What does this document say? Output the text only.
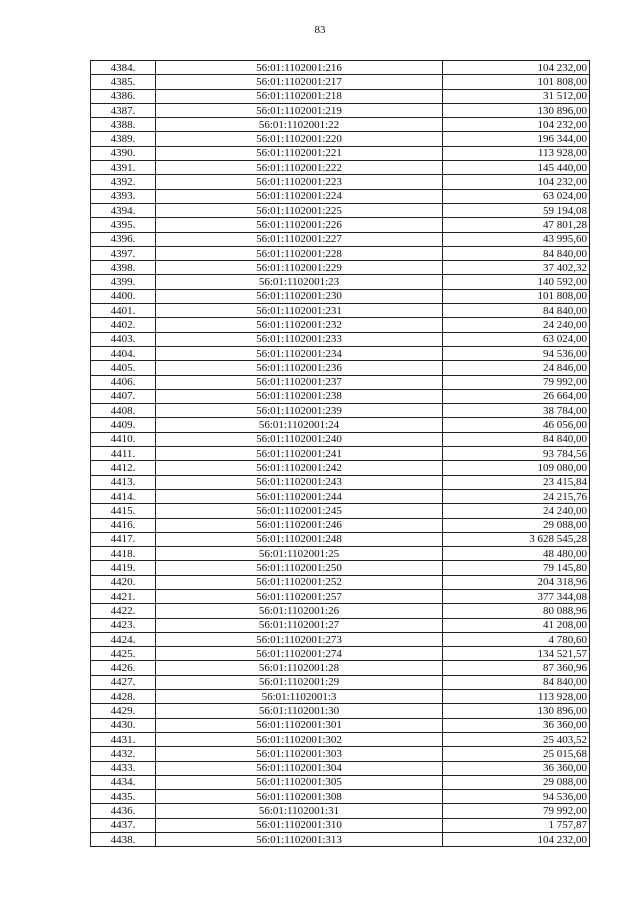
83
4384.	56:01:1102001:216	104 232,00
4385.	56:01:1102001:217	101 808,00
4386.	56:01:1102001:218	31 512,00
4387.	56:01:1102001:219	130 896,00
4388.	56:01:1102001:22	104 232,00
4389.	56:01:1102001:220	196 344,00
4390.	56:01:1102001:221	113 928,00
4391.	56:01:1102001:222	145 440,00
4392.	56:01:1102001:223	104 232,00
4393.	56:01:1102001:224	63 024,00
4394.	56:01:1102001:225	59 194,08
4395.	56:01:1102001:226	47 801,28
4396.	56:01:1102001:227	43 995,60
4397.	56:01:1102001:228	84 840,00
4398.	56:01:1102001:229	37 402,32
4399.	56:01:1102001:23	140 592,00
4400.	56:01:1102001:230	101 808,00
4401.	56:01:1102001:231	84 840,00
4402.	56:01:1102001:232	24 240,00
4403.	56:01:1102001:233	63 024,00
4404.	56:01:1102001:234	94 536,00
4405.	56:01:1102001:236	24 846,00
4406.	56:01:1102001:237	79 992,00
4407.	56:01:1102001:238	26 664,00
4408.	56:01:1102001:239	38 784,00
4409.	56:01:1102001:24	46 056,00
4410.	56:01:1102001:240	84 840,00
4411.	56:01:1102001:241	93 784,56
4412.	56:01:1102001:242	109 080,00
4413.	56:01:1102001:243	23 415,84
4414.	56:01:1102001:244	24 215,76
4415.	56:01:1102001:245	24 240,00
4416.	56:01:1102001:246	29 088,00
4417.	56:01:1102001:248	3 628 545,28
4418.	56:01:1102001:25	48 480,00
4419.	56:01:1102001:250	79 145,80
4420.	56:01:1102001:252	204 318,96
4421.	56:01:1102001:257	377 344,08
4422.	56:01:1102001:26	80 088,96
4423.	56:01:1102001:27	41 208,00
4424.	56:01:1102001:273	4 780,60
4425.	56:01:1102001:274	134 521,57
4426.	56:01:1102001:28	87 360,96
4427.	56:01:1102001:29	84 840,00
4428.	56:01:1102001:3	113 928,00
4429.	56:01:1102001:30	130 896,00
4430.	56:01:1102001:301	36 360,00
4431.	56:01:1102001:302	25 403,52
4432.	56:01:1102001:303	25 015,68
4433.	56:01:1102001:304	36 360,00
4434.	56:01:1102001:305	29 088,00
4435.	56:01:1102001:308	94 536,00
4436.	56:01:1102001:31	79 992,00
4437.	56:01:1102001:310	1 757,87
4438.	56:01:1102001:313	104 232,00
